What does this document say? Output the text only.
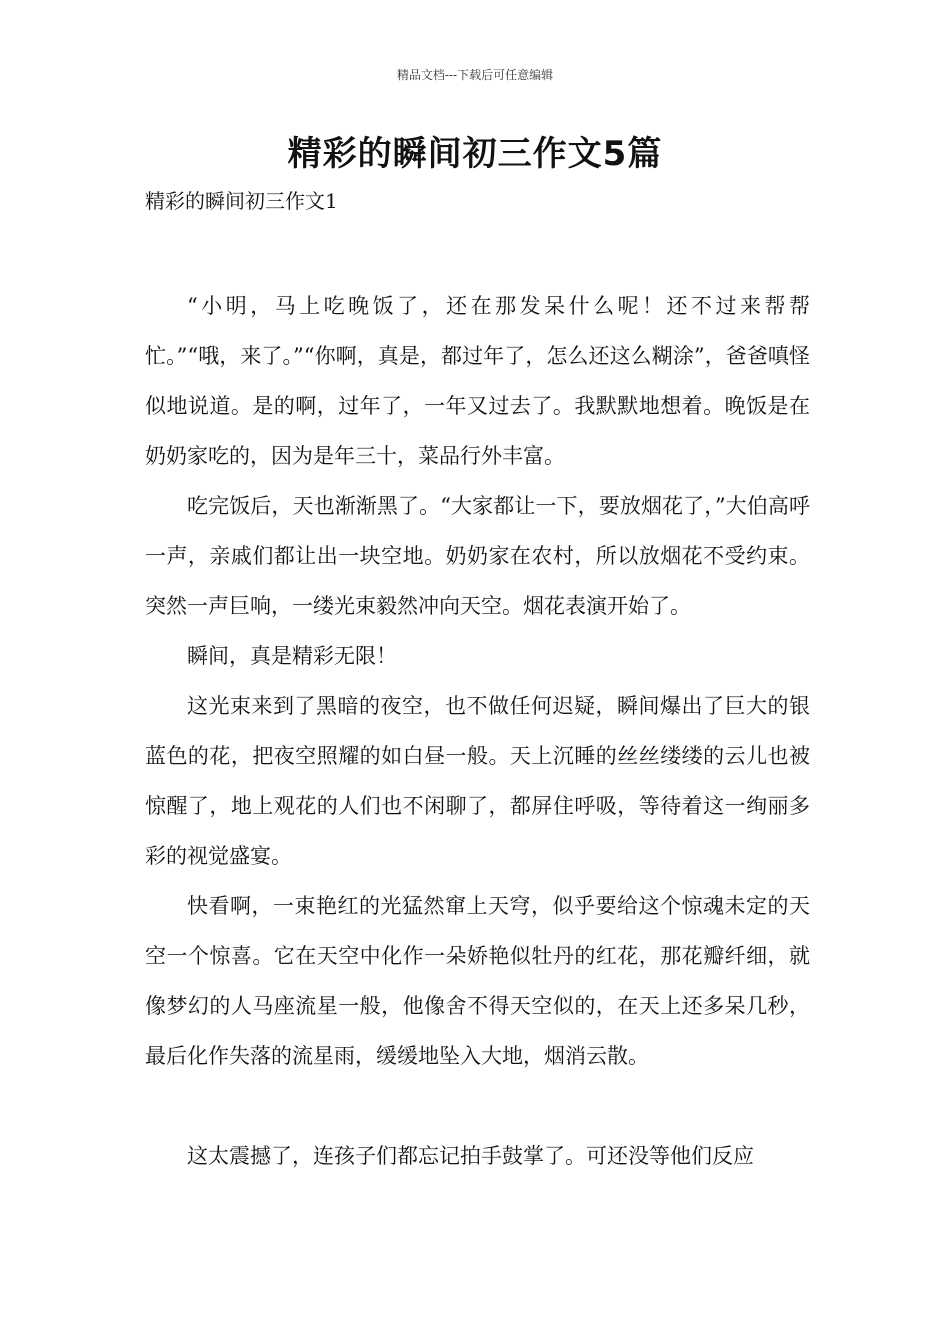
精品文档---下载后可任意编辑
精彩的瞬间初三作文5篇
精彩的瞬间初三作文1

“小明，马上吃晚饭了，还在那发呆什么呢！还不过来帮帮忙。”“哦，来了。”“你啊，真是，都过年了，怎么还这么糊涂”，爸爸嗔怪似地说道。是的啊，过年了，一年又过去了。我默默地想着。晚饭是在奶奶家吃的，因为是年三十，菜品行外丰富。

吃完饭后，天也渐渐黑了。“大家都让一下，要放烟花了，”大伯高呼一声，亲戚们都让出一块空地。奶奶家在农村，所以放烟花不受约束。突然一声巨响，一缕光束毅然冲向天空。烟花表演开始了。

瞬间，真是精彩无限！

这光束来到了黑暗的夜空，也不做任何迟疑，瞬间爆出了巨大的银蓝色的花，把夜空照耀的如白昼一般。天上沉睡的丝丝缕缕的云儿也被惊醒了，地上观花的人们也不闲聊了，都屏住呼吸，等待着这一绚丽多彩的视觉盛宴。

快看啊，一束艳红的光猛然窜上天穹，似乎要给这个惊魂未定的天空一个惊喜。它在天空中化作一朵娇艳似牡丹的红花，那花瓣纤细，就像梦幻的人马座流星一般，他像舍不得天空似的，在天上还多呆几秒，最后化作失落的流星雨，缓缓地坠入大地，烟消云散。

这太震撼了，连孩子们都忘记拍手鼓掌了。可还没等他们反应
